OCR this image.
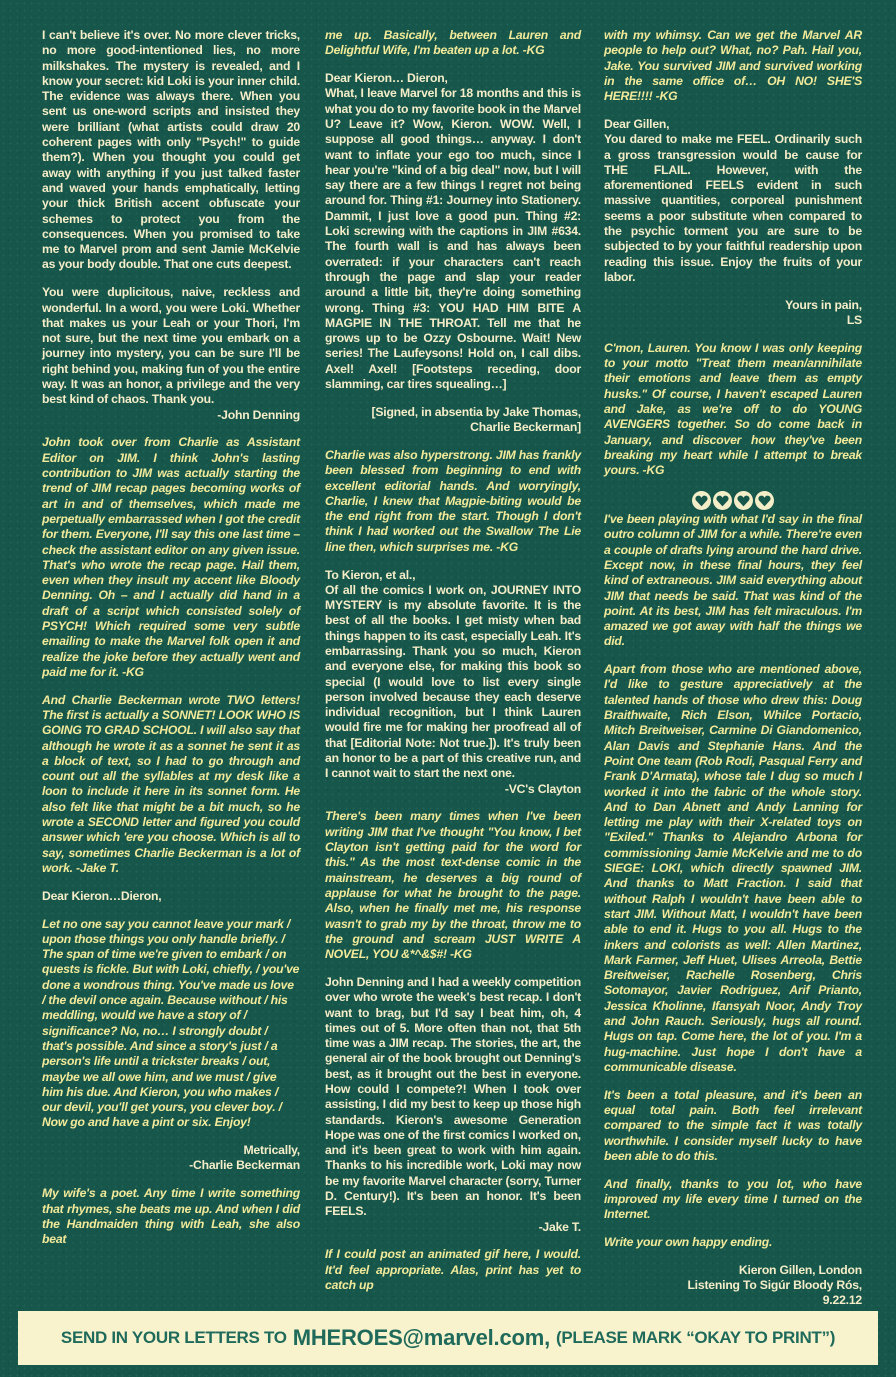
I can't believe it's over. No more clever tricks, no more good-intentioned lies, no more milkshakes. The mystery is revealed, and I know your secret: kid Loki is your inner child. The evidence was always there. When you sent us one-word scripts and insisted they were brilliant (what artists could draw 20 coherent pages with only "Psych!" to guide them?). When you thought you could get away with anything if you just talked faster and waved your hands emphatically, letting your thick British accent obfuscate your schemes to protect you from the consequences. When you promised to take me to Marvel prom and sent Jamie McKelvie as your body double. That one cuts deepest.

You were duplicitous, naive, reckless and wonderful. In a word, you were Loki. Whether that makes us your Leah or your Thori, I'm not sure, but the next time you embark on a journey into mystery, you can be sure I'll be right behind you, making fun of you the entire way. It was an honor, a privilege and the very best kind of chaos. Thank you.

-John Denning

John took over from Charlie as Assistant Editor on JIM. I think John's lasting contribution to JIM was actually starting the trend of JIM recap pages becoming works of art in and of themselves, which made me perpetually embarrassed when I got the credit for them. Everyone, I'll say this one last time – check the assistant editor on any given issue. That's who wrote the recap page. Hail them, even when they insult my accent like Bloody Denning. Oh – and I actually did hand in a draft of a script which consisted solely of PSYCH! Which required some very subtle emailing to make the Marvel folk open it and realize the joke before they actually went and paid me for it. -KG

And Charlie Beckerman wrote TWO letters! The first is actually a SONNET! LOOK WHO IS GOING TO GRAD SCHOOL. I will also say that although he wrote it as a sonnet he sent it as a block of text, so I had to go through and count out all the syllables at my desk like a loon to include it here in its sonnet form. He also felt like that might be a bit much, so he wrote a SECOND letter and figured you could answer which 'ere you choose. Which is all to say, sometimes Charlie Beckerman is a lot of work. -Jake T.

Dear Kieron…Dieron,

Let no one say you cannot leave your mark / upon those things you only handle briefly. / The span of time we're given to embark / on quests is fickle. But with Loki, chiefly, / you've done a wondrous thing. You've made us love / the devil once again. Because without / his meddling, would we have a story of / significance? No, no… I strongly doubt / that's possible. And since a story's just / a person's life until a trickster breaks / out, maybe we all owe him, and we must / give him his due. And Kieron, you who makes / our devil, you'll get yours, you clever boy. / Now go and have a pint or six. Enjoy!

Metrically,

-Charlie Beckerman

My wife's a poet. Any time I write something that rhymes, she beats me up. And when I did the Handmaiden thing with Leah, she also beat

me up. Basically, between Lauren and Delightful Wife, I'm beaten up a lot. -KG

Dear Kieron… Dieron,

What, I leave Marvel for 18 months and this is what you do to my favorite book in the Marvel U? Leave it? Wow, Kieron. WOW. Well, I suppose all good things… anyway. I don't want to inflate your ego too much, since I hear you're "kind of a big deal" now, but I will say there are a few things I regret not being around for. Thing #1: Journey into Stationery. Dammit, I just love a good pun. Thing #2: Loki screwing with the captions in JIM #634. The fourth wall is and has always been overrated: if your characters can't reach through the page and slap your reader around a little bit, they're doing something wrong. Thing #3: YOU HAD HIM BITE A MAGPIE IN THE THROAT. Tell me that he grows up to be Ozzy Osbourne. Wait! New series! The Laufeysons! Hold on, I call dibs. Axel! Axel! [Footsteps receding, door slamming, car tires squealing…]

[Signed, in absentia by Jake Thomas,

Charlie Beckerman]

Charlie was also hyperstrong. JIM has frankly been blessed from beginning to end with excellent editorial hands. And worryingly, Charlie, I knew that Magpie-biting would be the end right from the start. Though I don't think I had worked out the Swallow The Lie line then, which surprises me. -KG

To Kieron, et al.,

Of all the comics I work on, JOURNEY INTO MYSTERY is my absolute favorite. It is the best of all the books. I get misty when bad things happen to its cast, especially Leah. It's embarrassing. Thank you so much, Kieron and everyone else, for making this book so special (I would love to list every single person involved because they each deserve individual recognition, but I think Lauren would fire me for making her proofread all of that [Editorial Note: Not true.]). It's truly been an honor to be a part of this creative run, and I cannot wait to start the next one.

-VC's Clayton

There's been many times when I've been writing JIM that I've thought "You know, I bet Clayton isn't getting paid for the word for this." As the most text-dense comic in the mainstream, he deserves a big round of applause for what he brought to the page. Also, when he finally met me, his response wasn't to grab my by the throat, throw me to the ground and scream JUST WRITE A NOVEL, YOU &*^&$#! -KG

John Denning and I had a weekly competition over who wrote the week's best recap. I don't want to brag, but I'd say I beat him, oh, 4 times out of 5. More often than not, that 5th time was a JIM recap. The stories, the art, the general air of the book brought out Denning's best, as it brought out the best in everyone. How could I compete?! When I took over assisting, I did my best to keep up those high standards. Kieron's awesome Generation Hope was one of the first comics I worked on, and it's been great to work with him again. Thanks to his incredible work, Loki may now be my favorite Marvel character (sorry, Turner D. Century!). It's been an honor. It's been FEELS.

-Jake T.

If I could post an animated gif here, I would. It'd feel appropriate. Alas, print has yet to catch up

with my whimsy. Can we get the Marvel AR people to help out? What, no? Pah. Hail you, Jake. You survived JIM and survived working in the same office of… OH NO! SHE'S HERE!!!! -KG

Dear Gillen,

You dared to make me FEEL. Ordinarily such a gross transgression would be cause for THE FLAIL. However, with the aforementioned FEELS evident in such massive quantities, corporeal punishment seems a poor substitute when compared to the psychic torment you are sure to be subjected to by your faithful readership upon reading this issue. Enjoy the fruits of your labor.

Yours in pain,

LS

C'mon, Lauren. You know I was only keeping to your motto "Treat them mean/annihilate their emotions and leave them as empty husks." Of course, I haven't escaped Lauren and Jake, as we're off to do YOUNG AVENGERS together. So do come back in January, and discover how they've been breaking my heart while I attempt to break yours. -KG

I've been playing with what I'd say in the final outro column of JIM for a while. There're even a couple of drafts lying around the hard drive. Except now, in these final hours, they feel kind of extraneous. JIM said everything about JIM that needs be said. That was kind of the point. At its best, JIM has felt miraculous. I'm amazed we got away with half the things we did.

Apart from those who are mentioned above, I'd like to gesture appreciatively at the talented hands of those who drew this: Doug Braithwaite, Rich Elson, Whilce Portacio, Mitch Breitweiser, Carmine Di Giandomenico, Alan Davis and Stephanie Hans. And the Point One team (Rob Rodi, Pasqual Ferry and Frank D'Armata), whose tale I dug so much I worked it into the fabric of the whole story. And to Dan Abnett and Andy Lanning for letting me play with their X-related toys on "Exiled." Thanks to Alejandro Arbona for commissioning Jamie McKelvie and me to do SIEGE: LOKI, which directly spawned JIM. And thanks to Matt Fraction. I said that without Ralph I wouldn't have been able to start JIM. Without Matt, I wouldn't have been able to end it. Hugs to you all. Hugs to the inkers and colorists as well: Allen Martinez, Mark Farmer, Jeff Huet, Ulises Arreola, Bettie Breitweiser, Rachelle Rosenberg, Chris Sotomayor, Javier Rodriguez, Arif Prianto, Jessica Kholinne, Ifansyah Noor, Andy Troy and John Rauch. Seriously, hugs all round. Hugs on tap. Come here, the lot of you. I'm a hug-machine. Just hope I don't have a communicable disease.

It's been a total pleasure, and it's been an equal total pain. Both feel irrelevant compared to the simple fact it was totally worthwhile. I consider myself lucky to have been able to do this.

And finally, thanks to you lot, who have improved my life every time I turned on the Internet.

Write your own happy ending.

Kieron Gillen, London

Listening To Sigúr Bloody Rós,

9.22.12

SEND IN YOUR LETTERS TO MHEROES@marvel.com, (PLEASE MARK “OKAY TO PRINT”)
